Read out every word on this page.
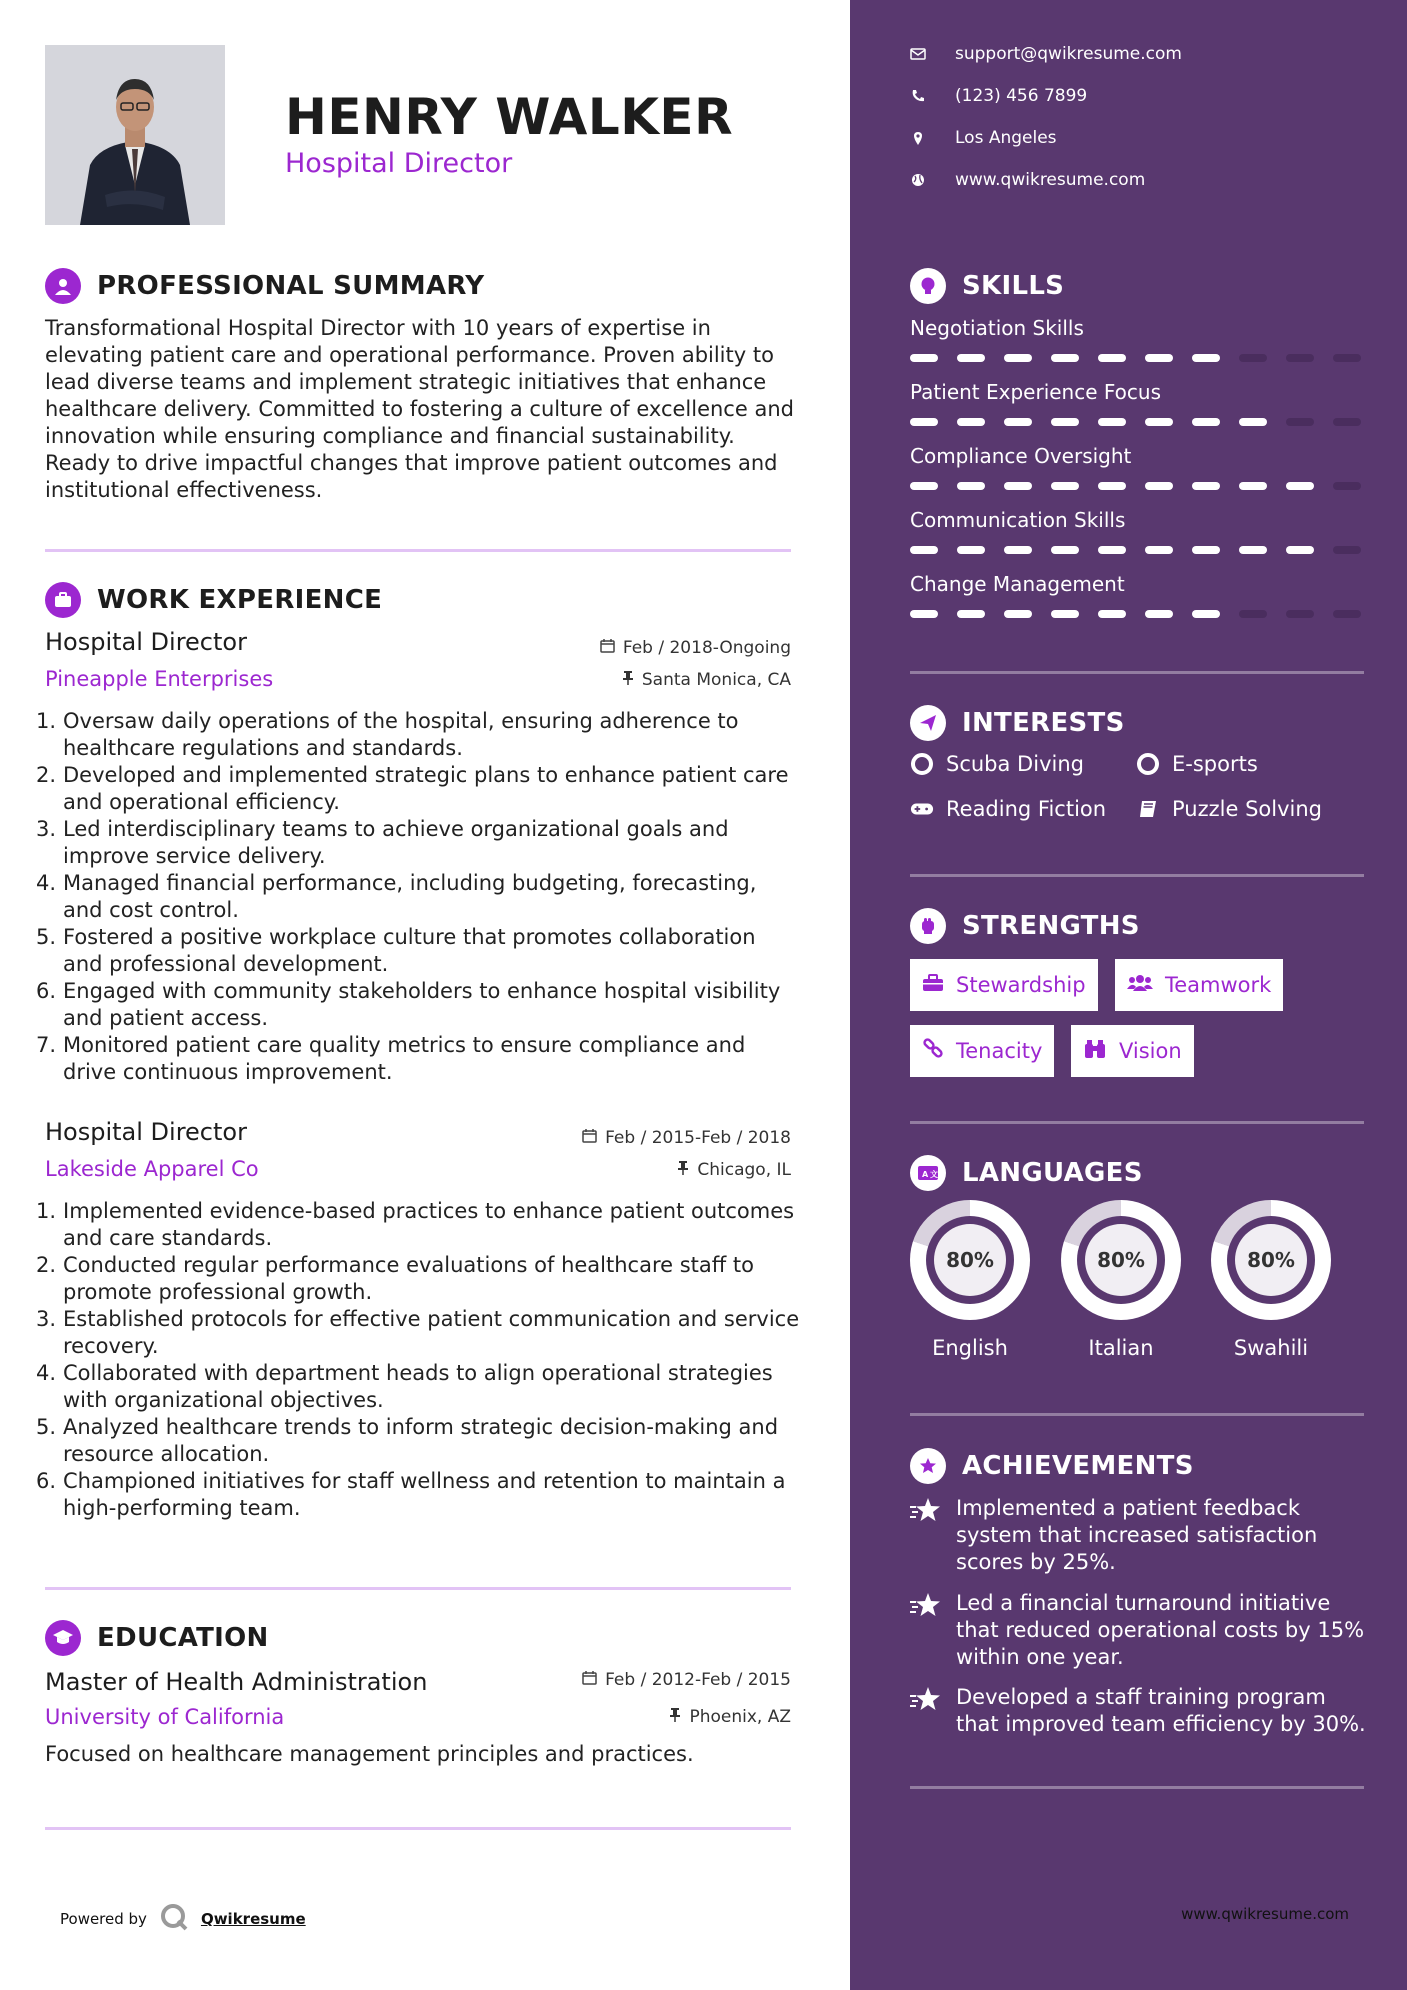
HENRY WALKER
Hospital Director
PROFESSIONAL SUMMARY
Transformational Hospital Director with 10 years of expertise in elevating patient care and operational performance. Proven ability to lead diverse teams and implement strategic initiatives that enhance healthcare delivery. Committed to fostering a culture of excellence and innovation while ensuring compliance and financial sustainability. Ready to drive impactful changes that improve patient outcomes and institutional effectiveness.
WORK EXPERIENCE
Hospital Director	Feb / 2018-Ongoing
Pineapple Enterprises	Santa Monica, CA
1. Oversaw daily operations of the hospital, ensuring adherence to healthcare regulations and standards.
2. Developed and implemented strategic plans to enhance patient care and operational efficiency.
3. Led interdisciplinary teams to achieve organizational goals and improve service delivery.
4. Managed financial performance, including budgeting, forecasting, and cost control.
5. Fostered a positive workplace culture that promotes collaboration and professional development.
6. Engaged with community stakeholders to enhance hospital visibility and patient access.
7. Monitored patient care quality metrics to ensure compliance and drive continuous improvement.
Hospital Director	Feb / 2015-Feb / 2018
Lakeside Apparel Co	Chicago, IL
1. Implemented evidence-based practices to enhance patient outcomes and care standards.
2. Conducted regular performance evaluations of healthcare staff to promote professional growth.
3. Established protocols for effective patient communication and service recovery.
4. Collaborated with department heads to align operational strategies with organizational objectives.
5. Analyzed healthcare trends to inform strategic decision-making and resource allocation.
6. Championed initiatives for staff wellness and retention to maintain a high-performing team.
EDUCATION
Master of Health Administration	Feb / 2012-Feb / 2015
University of California	Phoenix, AZ
Focused on healthcare management principles and practices.
Powered by	Qwikresume
support@qwikresume.com
(123) 456 7899
Los Angeles
www.qwikresume.com
SKILLS
Negotiation Skills
Patient Experience Focus
Compliance Oversight
Communication Skills
Change Management
INTERESTS
Scuba Diving	E-sports
Reading Fiction	Puzzle Solving
STRENGTHS
Stewardship	Teamwork
Tenacity	Vision
A 文 LANGUAGES
80%
English
80%
Italian
80%
Swahili
ACHIEVEMENTS
Implemented a patient feedback system that increased satisfaction scores by 25%.
Led a financial turnaround initiative that reduced operational costs by 15% within one year.
Developed a staff training program that improved team efficiency by 30%.
www.qwikresume.com
